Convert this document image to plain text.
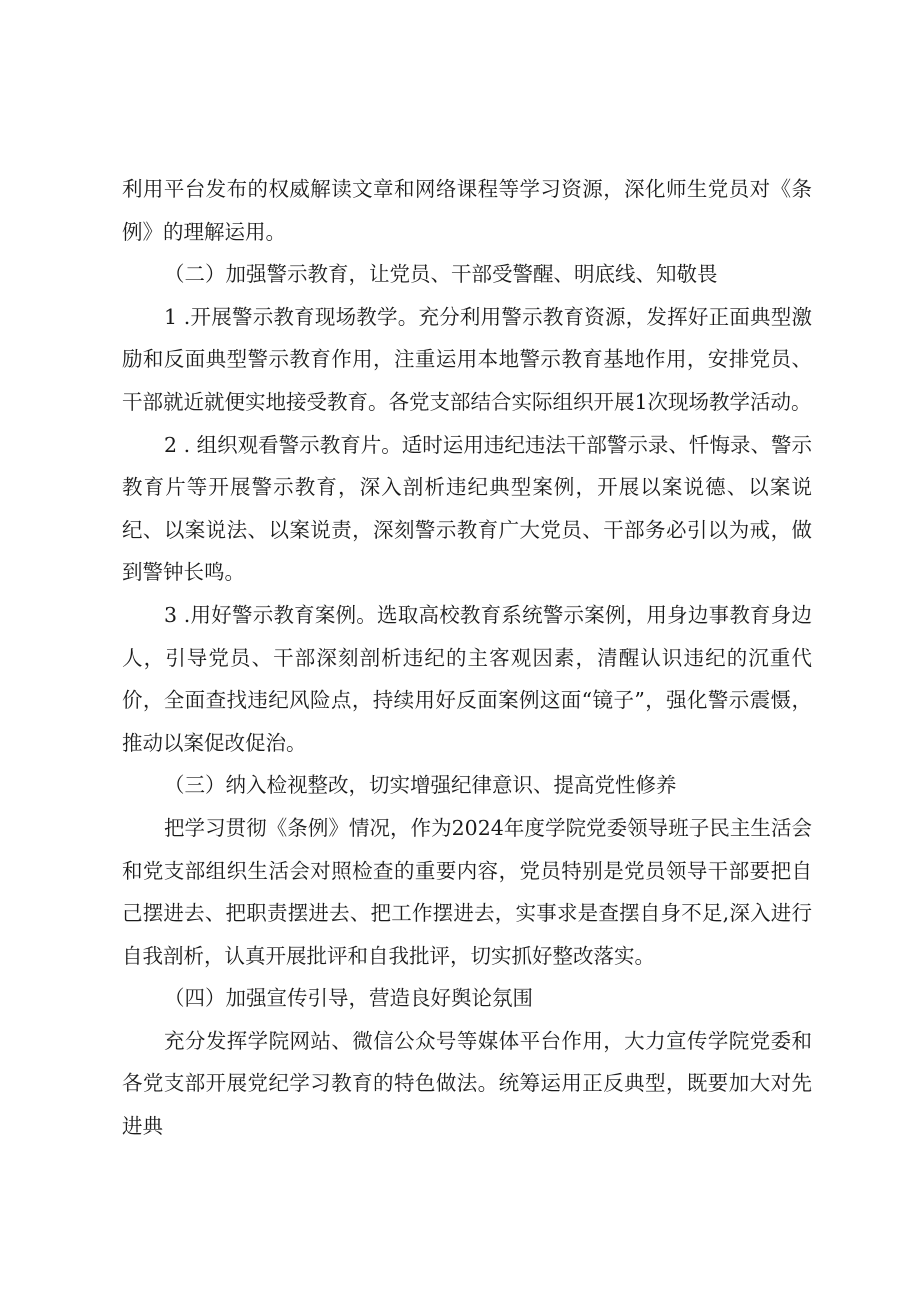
利用平台发布的权威解读文章和网络课程等学习资源，深化师生党员对《条例》的理解运用。

（二）加强警示教育，让党员、干部受警醒、明底线、知敬畏

1 .开展警示教育现场教学。充分利用警示教育资源，发挥好正面典型激励和反面典型警示教育作用，注重运用本地警示教育基地作用，安排党员、干部就近就便实地接受教育。各党支部结合实际组织开展1次现场教学活动。

2 . 组织观看警示教育片。适时运用违纪违法干部警示录、忏悔录、警示教育片等开展警示教育，深入剖析违纪典型案例，开展以案说德、以案说纪、以案说法、以案说责，深刻警示教育广大党员、干部务必引以为戒，做到警钟长鸣。

3 .用好警示教育案例。选取高校教育系统警示案例，用身边事教育身边人，引导党员、干部深刻剖析违纪的主客观因素，清醒认识违纪的沉重代价，全面查找违纪风险点，持续用好反面案例这面“镜子”，强化警示震慑，推动以案促改促治。

（三）纳入检视整改，切实增强纪律意识、提高党性修养

把学习贯彻《条例》情况，作为2024年度学院党委领导班子民主生活会和党支部组织生活会对照检查的重要内容，党员特别是党员领导干部要把自己摆进去、把职责摆进去、把工作摆进去，实事求是查摆自身不足,深入进行自我剖析，认真开展批评和自我批评，切实抓好整改落实。

（四）加强宣传引导，营造良好舆论氛围

充分发挥学院网站、微信公众号等媒体平台作用，大力宣传学院党委和各党支部开展党纪学习教育的特色做法。统筹运用正反典型，既要加大对先进典
